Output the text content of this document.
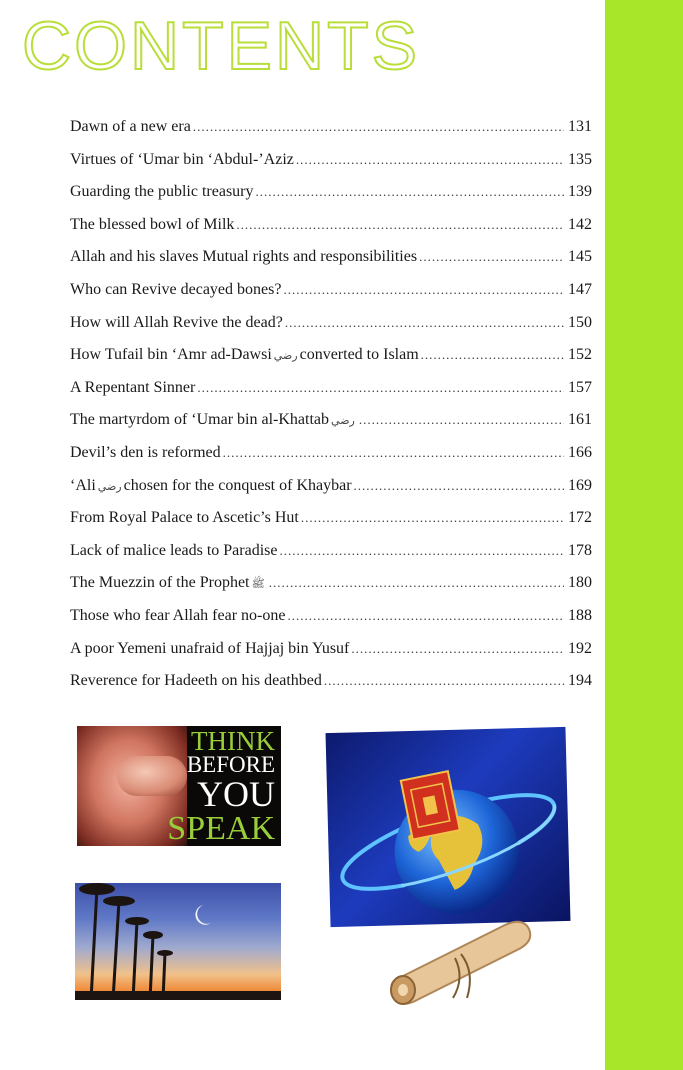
CONTENTS
Dawn of a new era .....	131
Virtues of ‘Umar bin ‘Abdul-’Aziz .....	135
Guarding the public treasury .....	139
The blessed bowl of Milk .....	142
Allah and his slaves Mutual rights and responsibilities .....	145
Who can Revive decayed bones? .....	147
How will Allah Revive the dead? .....	150
How Tufail bin ‘Amr ad-Dawsi رضي converted to Islam .....	152
A Repentant Sinner .....	157
The martyrdom of ‘Umar bin al-Khattab رضي .....	161
Devil’s den is reformed .....	166
‘Ali رضي chosen for the conquest of Khaybar .....	169
From Royal Palace to Ascetic’s Hut .....	172
Lack of malice leads to Paradise .....	178
The Muezzin of the Prophet ﷺ .....	180
Those who fear Allah fear no-one .....	188
A poor Yemeni unafraid of Hajjaj bin Yusuf .....	192
Reverence for Hadeeth on his deathbed .....	194
THINK
BEFORE
YOU
SPEAK
